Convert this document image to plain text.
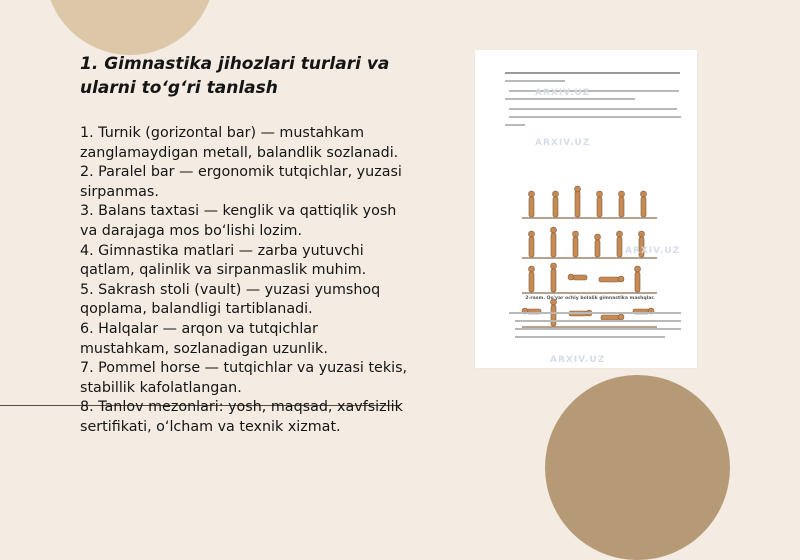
1. Gimnastika jihozlari turlari va ularni to‘g‘ri tanlash
1. Turnik (gorizontal bar) — mustahkam
zanglamaydigan metall, balandlik sozlanadi.
2. Paralel bar — ergonomik tutqichlar, yuzasi
sirpanmas.
3. Balans taxtasi — kenglik va qattiqlik yosh
va darajaga mos bo‘lishi lozim.
4. Gimnastika matlari — zarba yutuvchi
qatlam, qalinlik va sirpanmaslik muhim.
5. Sakrash stoli (vault) — yuzasi yumshoq
qoplama, balandligi tartiblanadi.
6. Halqalar — arqon va tutqichlar
mustahkam, sozlanadigan uzunlik.
7. Pommel horse — tutqichlar va yuzasi tekis,
stabillik kafolatlangan.
8. Tanlov mezonlari: yosh, maqsad, xavfsizlik
sertifikati, o‘lcham va texnik xizmat.
ARXIV.UZ
ARXIV.UZ
ARXIV.UZ
2-rasm. Qo'yar ochiy bolalik gimnastika mashqlar.
ARXIV.UZ
